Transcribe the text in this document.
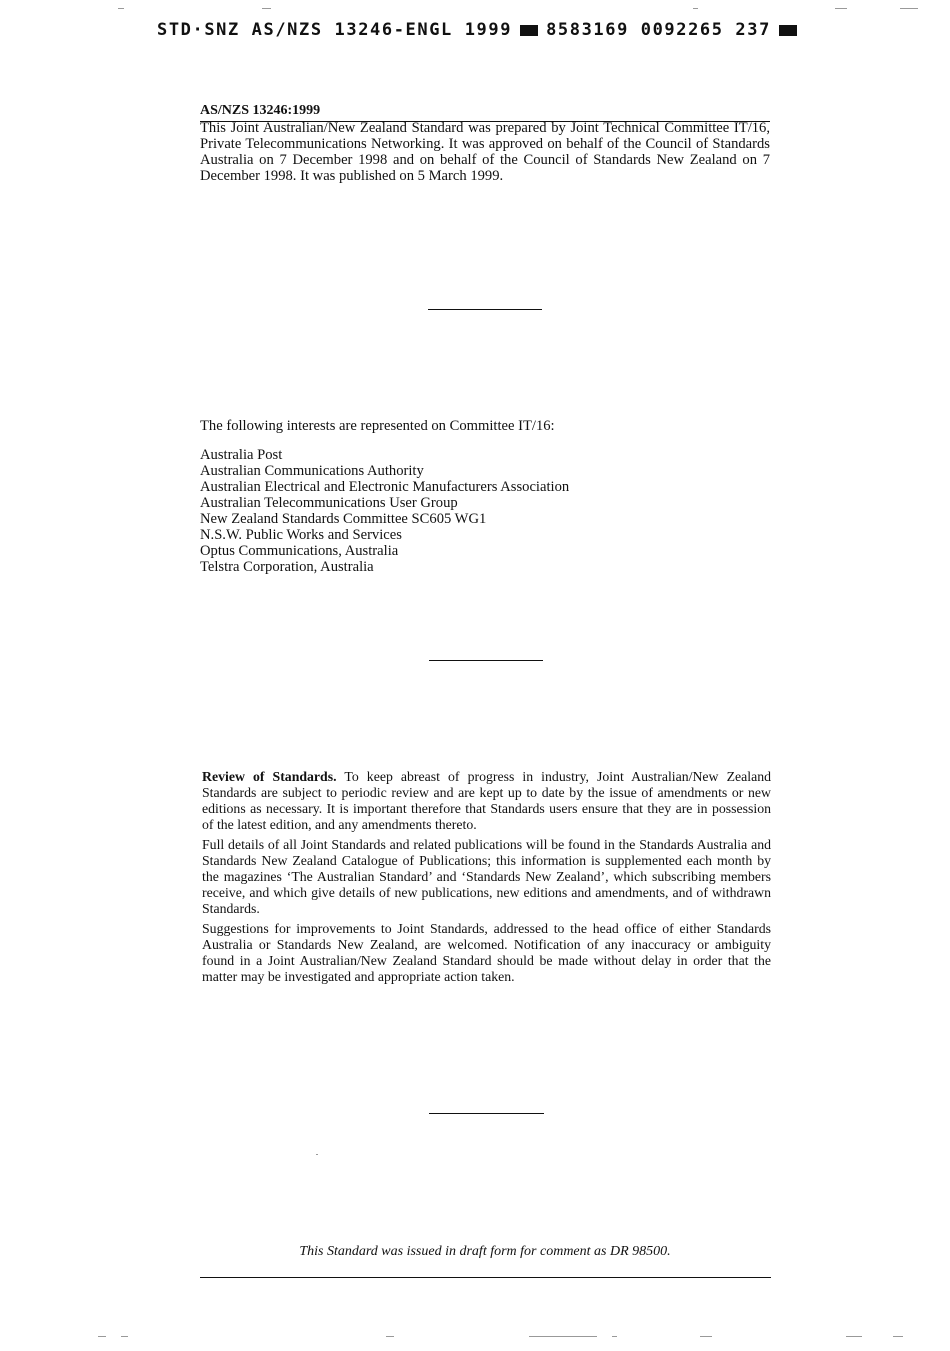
STD·SNZ AS/NZS 13246-ENGL 1999 8583169 0092265 237
AS/NZS 13246:1999

This Joint Australian/New Zealand Standard was prepared by Joint Technical Committee IT/16, Private Telecommunications Networking. It was approved on behalf of the Council of Standards Australia on 7 December 1998 and on behalf of the Council of Standards New Zealand on 7 December 1998. It was published on 5 March 1999.

The following interests are represented on Committee IT/16:
Australia Post
Australian Communications Authority
Australian Electrical and Electronic Manufacturers Association
Australian Telecommunications User Group
New Zealand Standards Committee SC605 WG1
N.S.W. Public Works and Services
Optus Communications, Australia
Telstra Corporation, Australia

Review of Standards. To keep abreast of progress in industry, Joint Australian/New Zealand Standards are subject to periodic review and are kept up to date by the issue of amendments or new editions as necessary. It is important therefore that Standards users ensure that they are in possession of the latest edition, and any amendments thereto.

Full details of all Joint Standards and related publications will be found in the Standards Australia and Standards New Zealand Catalogue of Publications; this information is supplemented each month by the magazines ‘The Australian Standard’ and ‘Standards New Zealand’, which subscribing members receive, and which give details of new publications, new editions and amendments, and of withdrawn Standards.

Suggestions for improvements to Joint Standards, addressed to the head office of either Standards Australia or Standards New Zealand, are welcomed. Notification of any inaccuracy or ambiguity found in a Joint Australian/New Zealand Standard should be made without delay in order that the matter may be investigated and appropriate action taken.

This Standard was issued in draft form for comment as DR 98500.
